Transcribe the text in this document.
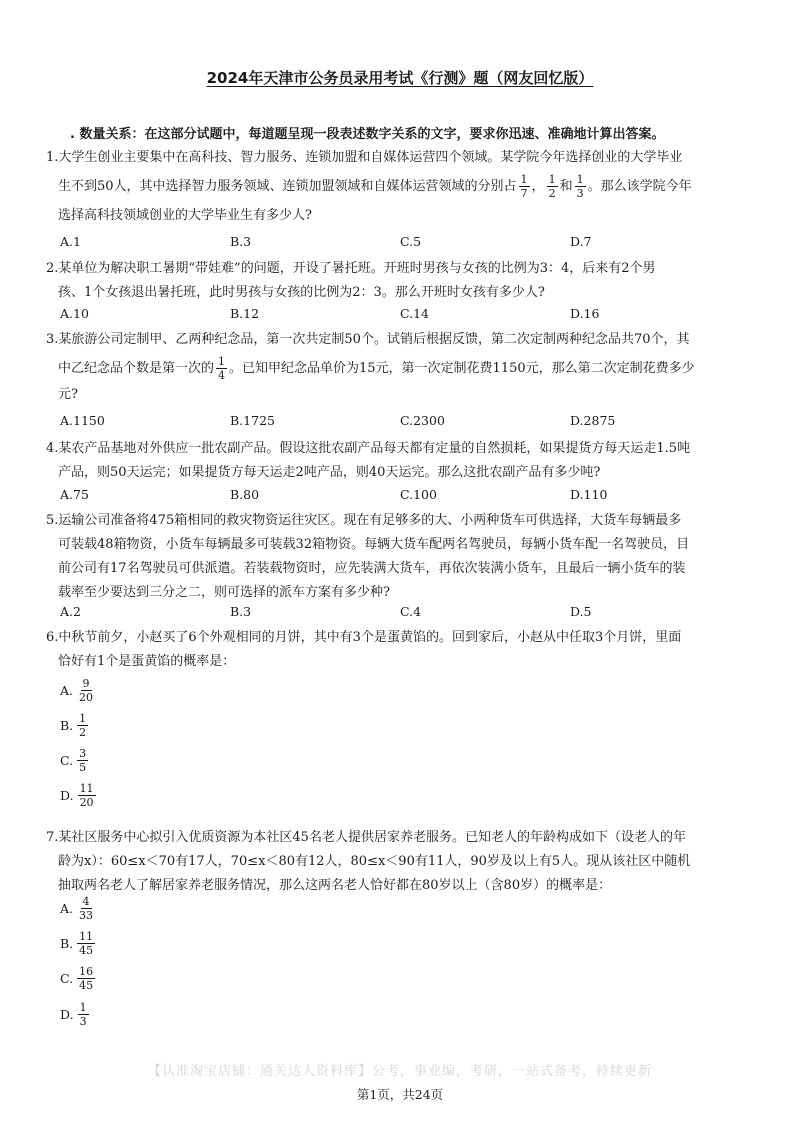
2024年天津市公务员录用考试《行测》题（网友回忆版）
. 数量关系：在这部分试题中，每道题呈现一段表述数字关系的文字，要求你迅速、准确地计算出答案。
1.大学生创业主要集中在高科技、智力服务、连锁加盟和自媒体运营四个领域。某学院今年选择创业的大学毕业
生不到50人，其中选择智力服务领域、连锁加盟领域和自媒体运营领域的分别占 $\frac{1}{7}$ ， $\frac{1}{2}$ 和 $\frac{1}{3}$ 。那么该学院今年
选择高科技领域创业的大学毕业生有多少人?
A.1	B.3	C.5	D.7
2.某单位为解决职工暑期“带娃难”的问题，开设了暑托班。开班时男孩与女孩的比例为3：4，后来有2个男
孩、1个女孩退出暑托班，此时男孩与女孩的比例为2：3。那么开班时女孩有多少人?
A.10	B.12	C.14	D.16
3.某旅游公司定制甲、乙两种纪念品，第一次共定制50个。试销后根据反馈，第二次定制两种纪念品共70个，其
中乙纪念品个数是第一次的 $\frac{1}{4}$ 。已知甲纪念品单价为15元，第一次定制花费1150元，那么第二次定制花费多少
元?
A.1150	B.1725	C.2300	D.2875
4.某农产品基地对外供应一批农副产品。假设这批农副产品每天都有定量的自然损耗，如果提货方每天运走1.5吨
产品，则50天运完；如果提货方每天运走2吨产品，则40天运完。那么这批农副产品有多少吨?
A.75	B.80	C.100	D.110
5.运输公司准备将475箱相同的救灾物资运往灾区。现在有足够多的大、小两种货车可供选择，大货车每辆最多
可装载48箱物资，小货车每辆最多可装载32箱物资。每辆大货车配两名驾驶员，每辆小货车配一名驾驶员，目
前公司有17名驾驶员可供派遣。若装载物资时，应先装满大货车，再依次装满小货车，且最后一辆小货车的装
载率至少要达到三分之二，则可选择的派车方案有多少种?
A.2	B.3	C.4	D.5
6.中秋节前夕，小赵买了6个外观相同的月饼，其中有3个是蛋黄馅的。回到家后，小赵从中任取3个月饼，里面
恰好有1个是蛋黄馅的概率是：
A. $\frac{9}{20}$
B. $\frac{1}{2}$
C. $\frac{3}{5}$
D. $\frac{11}{20}$
7.某社区服务中心拟引入优质资源为本社区45名老人提供居家养老服务。已知老人的年龄构成如下（设老人的年
龄为x）：60≤x＜70有17人，70≤x＜80有12人，80≤x＜90有11人，90岁及以上有5人。现从该社区中随机
抽取两名老人了解居家养老服务情况，那么这两名老人恰好都在80岁以上（含80岁）的概率是：
A. $\frac{4}{33}$
B. $\frac{11}{45}$
C. $\frac{16}{45}$
D. $\frac{1}{3}$
【认准淘宝店铺：通关达人资料库】公考，事业编，考研，一站式备考，持续更新
第1页，共24页
